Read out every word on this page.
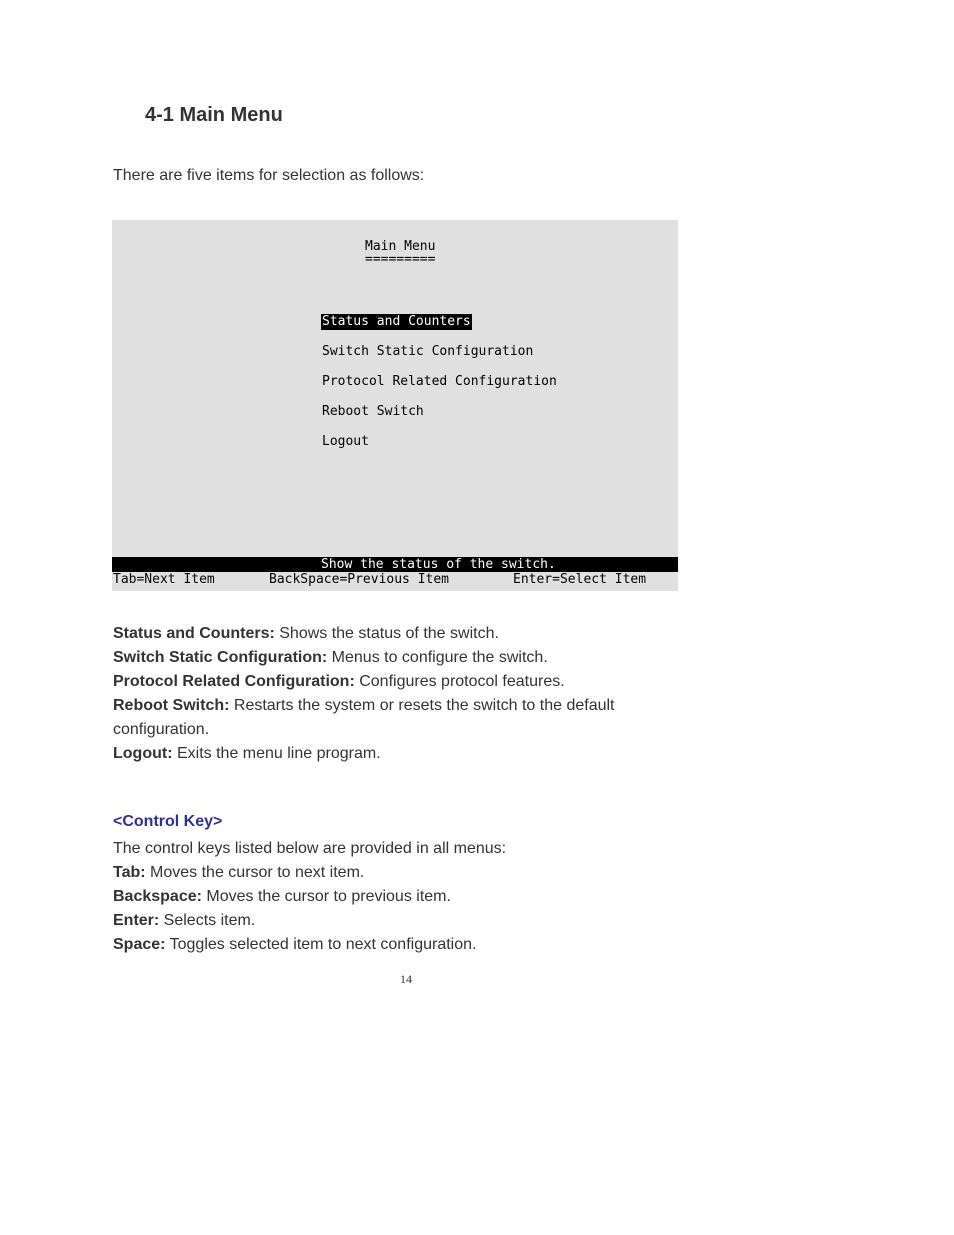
4-1 Main Menu

There are five items for selection as follows:

Main Menu
=========
Status and Counters
Switch Static Configuration
Protocol Related Configuration
Reboot Switch
Logout
Show the status of the switch.

Tab=Next Item

	BackSpace=Previous Item

	Enter=Select Item

Status and Counters: Shows the status of the switch.

Switch Static Configuration: Menus to configure the switch.

Protocol Related Configuration: Configures protocol features.

Reboot Switch: Restarts the system or resets the switch to the default configuration.

Logout: Exits the menu line program.

<Control Key>

The control keys listed below are provided in all menus:

Tab: Moves the cursor to next item.

Backspace: Moves the cursor to previous item.

Enter: Selects item.

Space: Toggles selected item to next configuration.

14
